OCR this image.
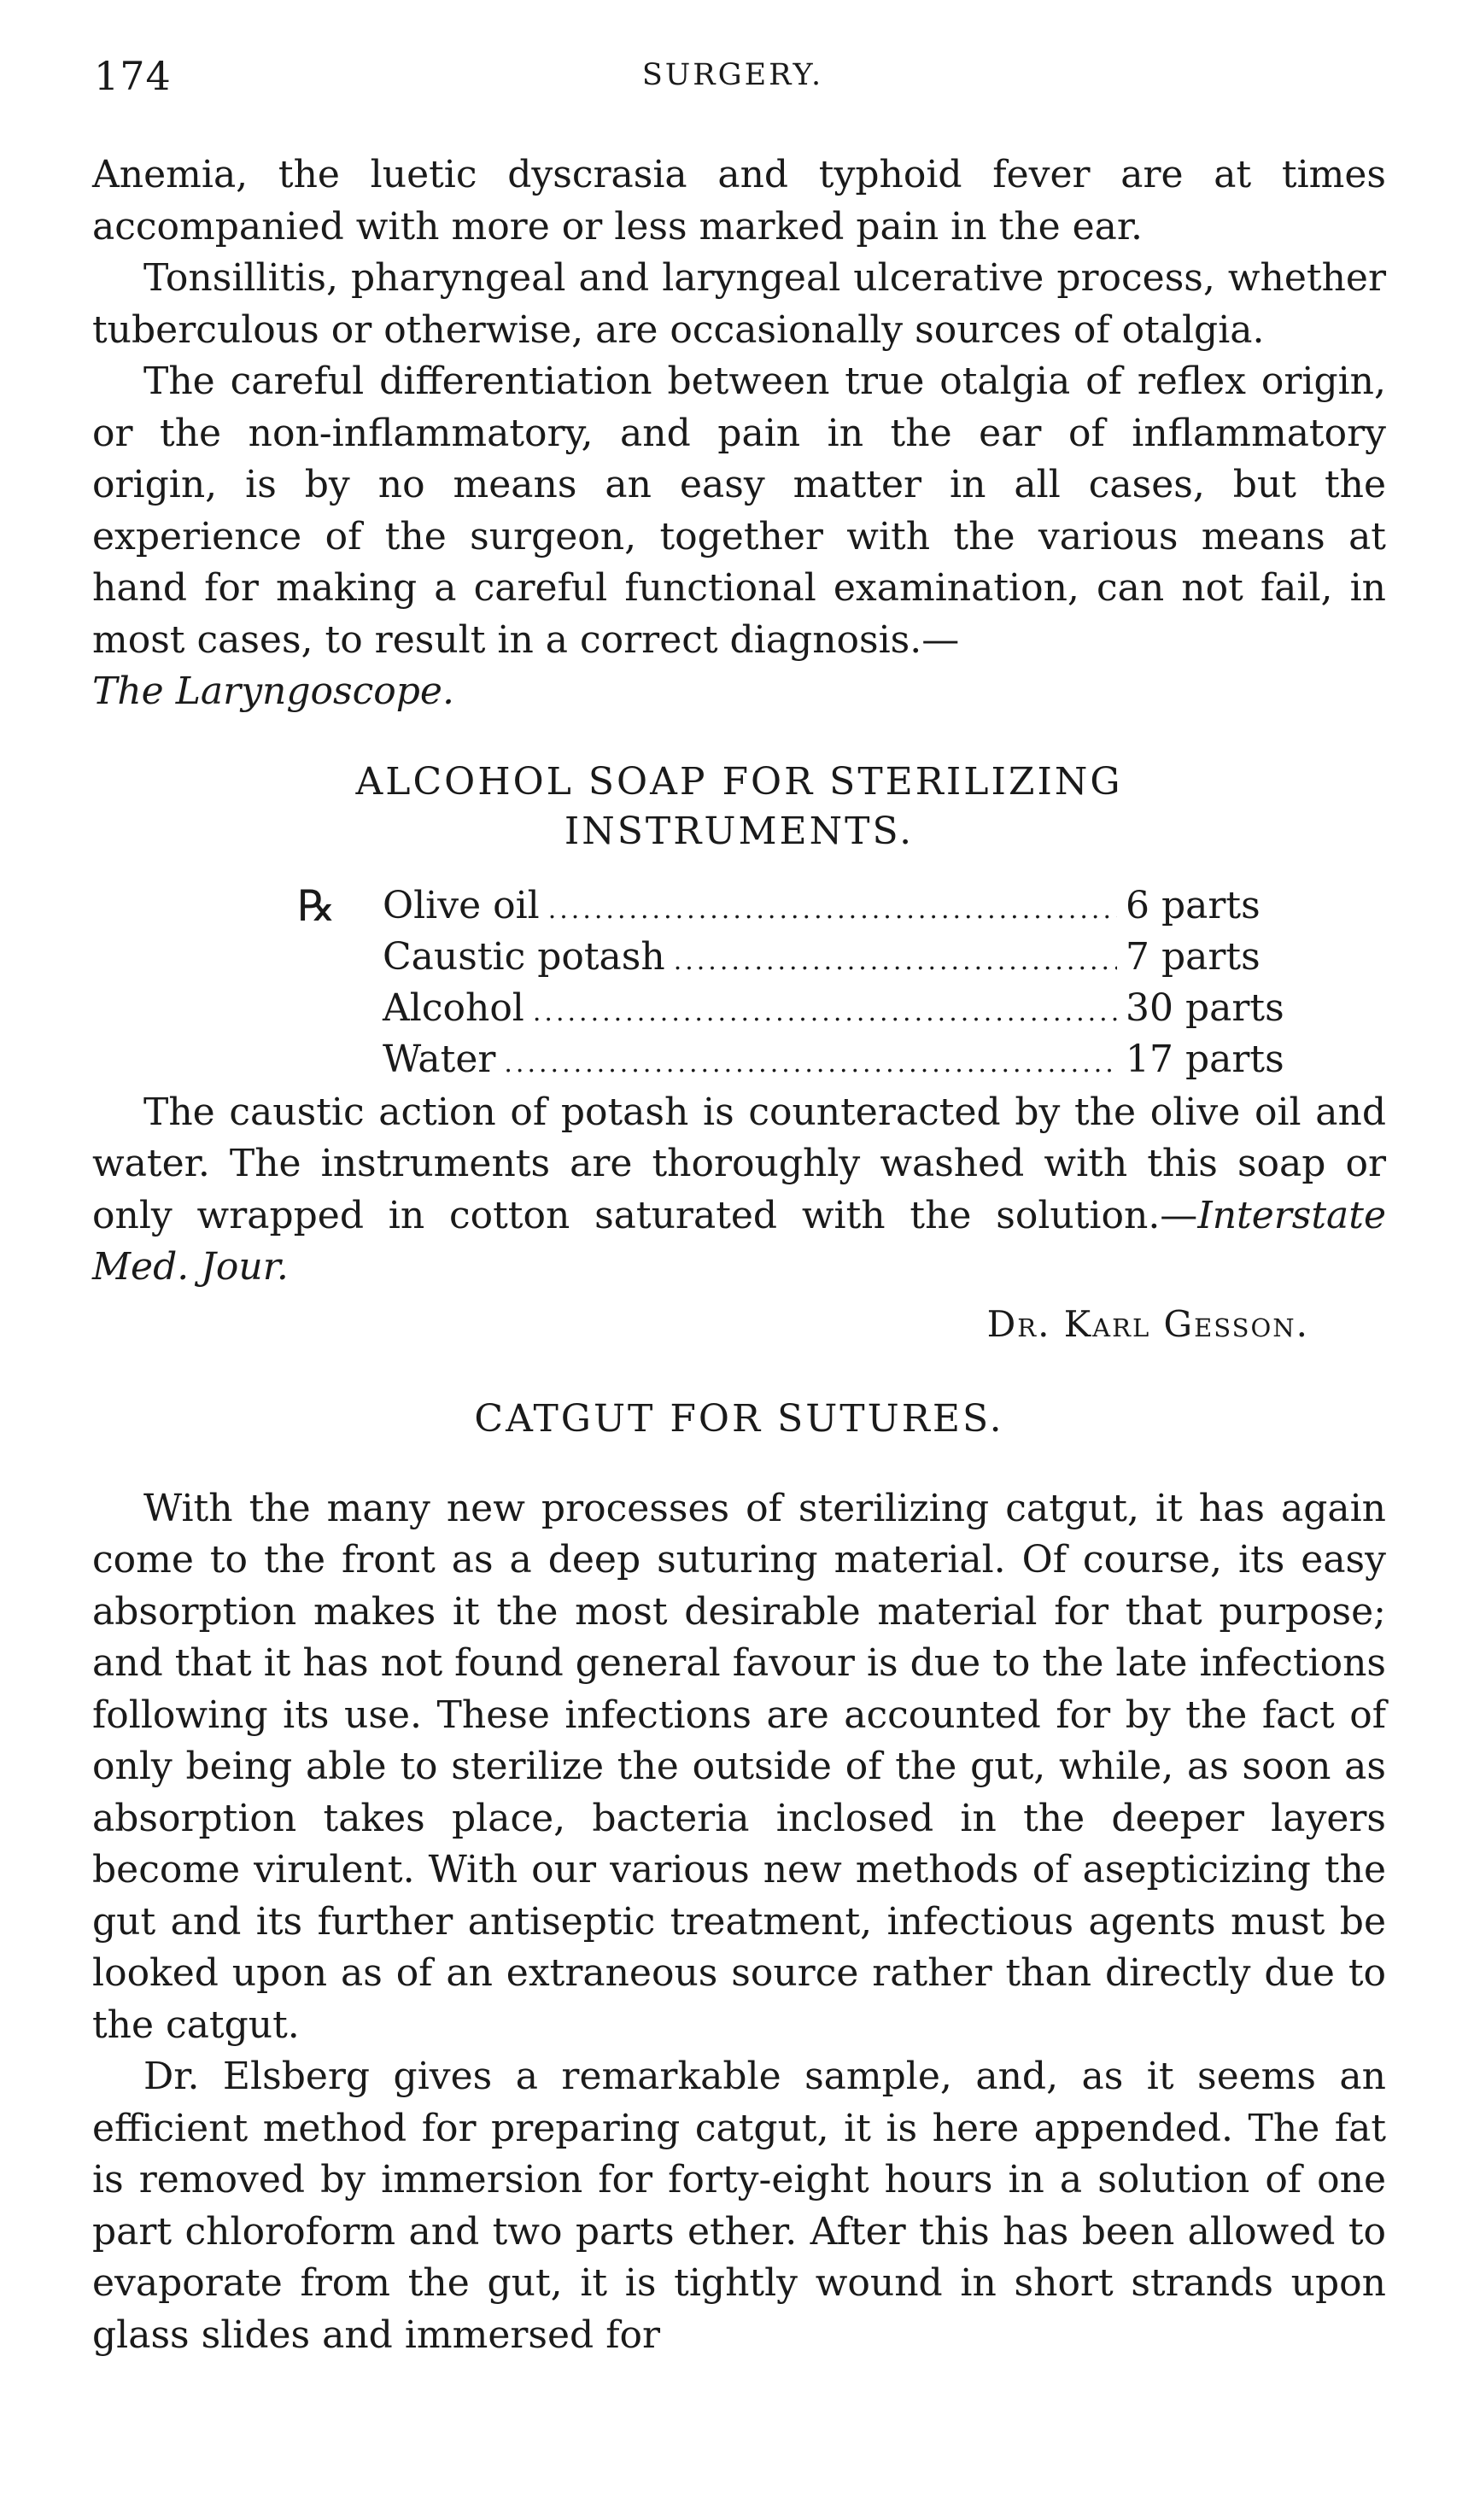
174	SURGERY.

Anemia, the luetic dyscrasia and typhoid fever are at times accompanied with more or less marked pain in the ear.

Tonsillitis, pharyngeal and laryngeal ulcerative process, whether tuberculous or otherwise, are occasionally sources of otalgia.

The careful differentiation between true otalgia of reflex origin, or the non-inflammatory, and pain in the ear of inflammatory origin, is by no means an easy matter in all cases, but the experience of the surgeon, together with the various means at hand for making a careful functional examination, can not fail, in most cases, to result in a correct diagnosis.—
The Laryngoscope.

ALCOHOL SOAP FOR STERILIZING
INSTRUMENTS.
℞ Olive oil .....	6 parts
Caustic potash .....	7 parts
Alcohol .....	30 parts
Water .....	17 parts

The caustic action of potash is counteracted by the olive oil and water. The instruments are thoroughly washed with this soap or only wrapped in cotton saturated with the solution.—Interstate Med. Jour.

Dr. Karl Gesson.
CATGUT FOR SUTURES.

With the many new processes of sterilizing catgut, it has again come to the front as a deep suturing material. Of course, its easy absorption makes it the most desirable material for that purpose; and that it has not found general favour is due to the late infections following its use. These infections are accounted for by the fact of only being able to sterilize the outside of the gut, while, as soon as absorption takes place, bacteria inclosed in the deeper layers become virulent. With our various new methods of asepticizing the gut and its further antiseptic treatment, infectious agents must be looked upon as of an extraneous source rather than directly due to the catgut.

Dr. Elsberg gives a remarkable sample, and, as it seems an efficient method for preparing catgut, it is here appended. The fat is removed by immersion for forty-eight hours in a solution of one part chloroform and two parts ether. After this has been allowed to evaporate from the gut, it is tightly wound in short strands upon glass slides and immersed for
